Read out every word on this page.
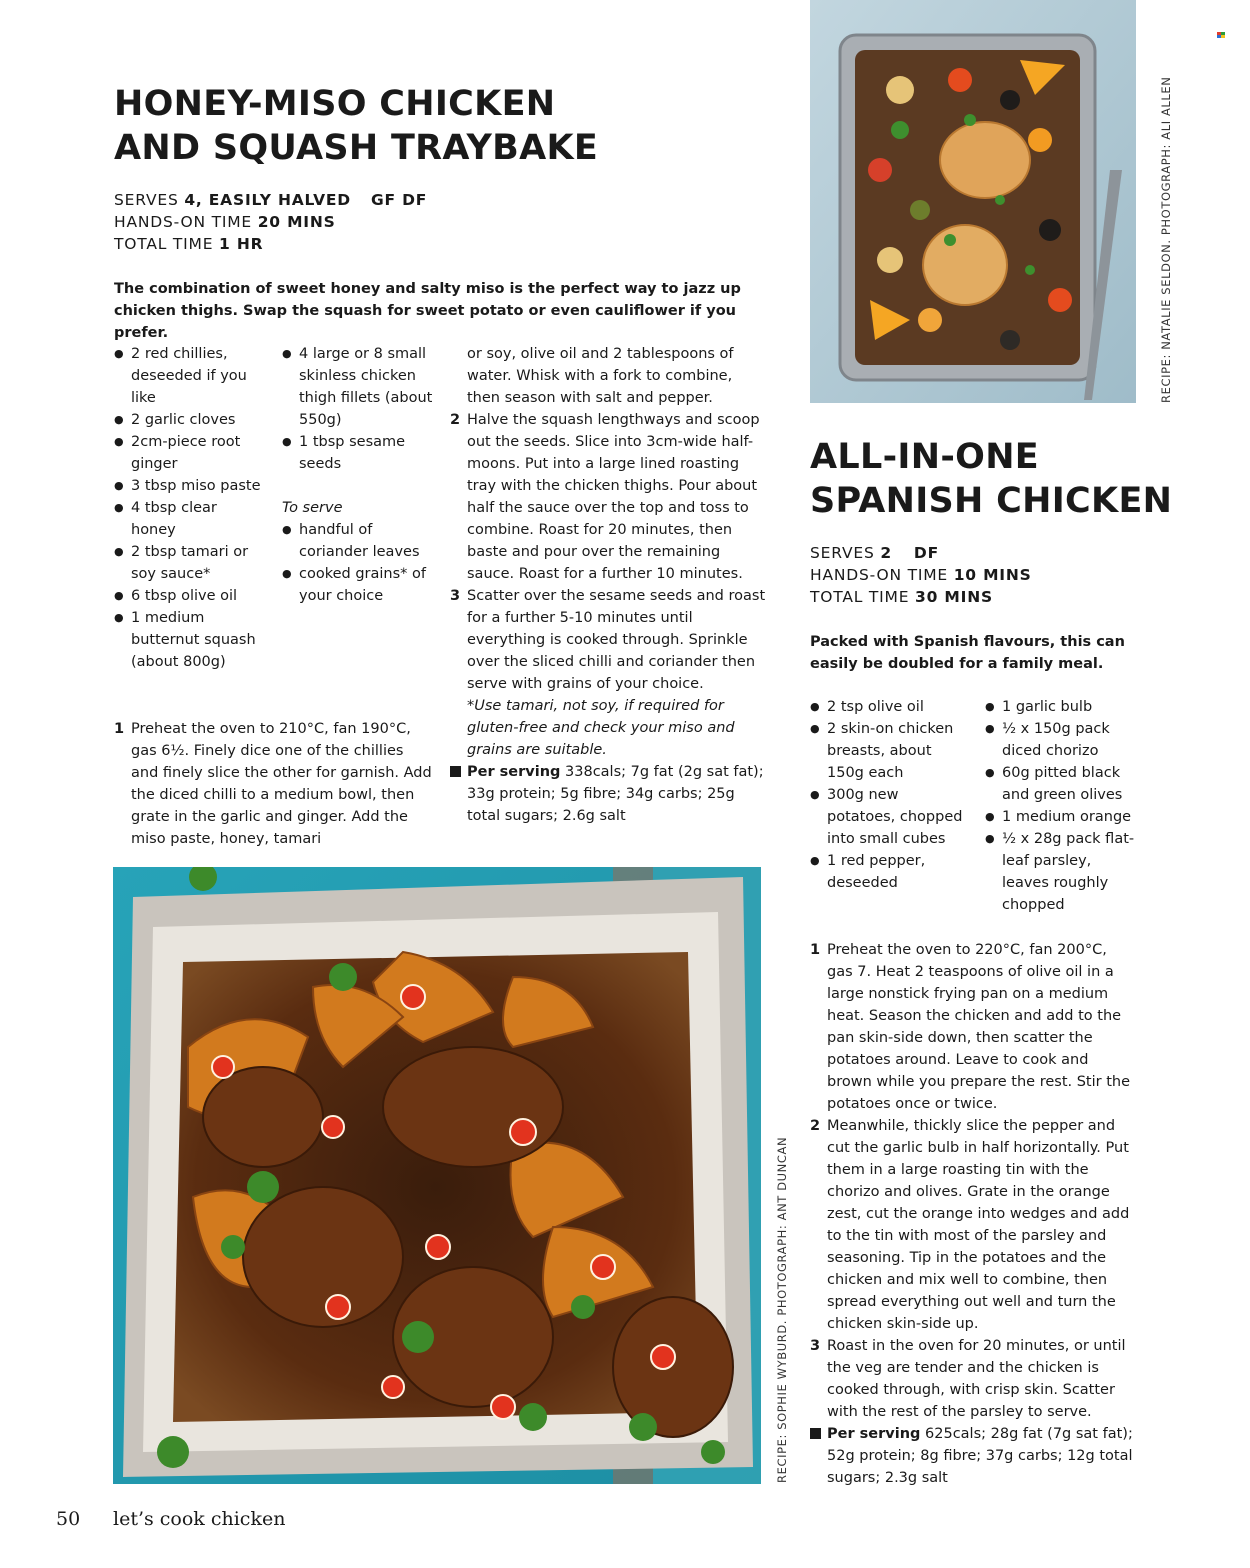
HONEY-MISO CHICKEN
AND SQUASH TRAYBAKE
SERVES 4, EASILY HALVED GF DF
HANDS-ON TIME 20 MINS
TOTAL TIME 1 HR
The combination of sweet honey and salty miso is the perfect way to jazz up
chicken thighs. Swap the squash for sweet potato or even cauliflower if you prefer.
● 2 red chillies, deseeded if you like
● 2 garlic cloves
● 2cm-piece root ginger
● 3 tbsp miso paste
● 4 tbsp clear honey
● 2 tbsp tamari or soy sauce*
● 6 tbsp olive oil
● 1 medium butternut squash (about 800g)
● 4 large or 8 small skinless chicken thigh fillets (about 550g)
● 1 tbsp sesame seeds
To serve
● handful of coriander leaves
● cooked grains* of your choice
1 Preheat the oven to 210°C, fan 190°C, gas 6½. Finely dice one of the chillies and finely slice the other for garnish. Add the diced chilli to a medium bowl, then grate in the garlic and ginger. Add the miso paste, honey, tamari
or soy, olive oil and 2 tablespoons of water. Whisk with a fork to combine, then season with salt and pepper.
2 Halve the squash lengthways and scoop out the seeds. Slice into 3cm-wide half-moons. Put into a large lined roasting tray with the chicken thighs. Pour about half the sauce over the top and toss to combine. Roast for 20 minutes, then baste and pour over the remaining sauce. Roast for a further 10 minutes.
3 Scatter over the sesame seeds and roast for a further 5-10 minutes until everything is cooked through. Sprinkle over the sliced chilli and coriander then serve with grains of your choice.
*Use tamari, not soy, if required for gluten-free and check your miso and grains are suitable.
Per serving 338cals; 7g fat (2g sat fat); 33g protein; 5g fibre; 34g carbs; 25g total sugars; 2.6g salt
RECIPE: SOPHIE WYBURD. PHOTOGRAPH: ANT DUNCAN
RECIPE: NATALIE SELDON. PHOTOGRAPH: ALI ALLEN
ALL-IN-ONE
SPANISH CHICKEN
SERVES 2 DF
HANDS-ON TIME 10 MINS
TOTAL TIME 30 MINS
Packed with Spanish flavours, this can
easily be doubled for a family meal.
● 2 tsp olive oil
● 2 skin-on chicken breasts, about 150g each
● 300g new potatoes, chopped into small cubes
● 1 red pepper, deseeded
● 1 garlic bulb
● ½ x 150g pack diced chorizo
● 60g pitted black and green olives
● 1 medium orange
● ½ x 28g pack flat-leaf parsley, leaves roughly chopped
1 Preheat the oven to 220°C, fan 200°C, gas 7. Heat 2 teaspoons of olive oil in a large nonstick frying pan on a medium heat. Season the chicken and add to the pan skin-side down, then scatter the potatoes around. Leave to cook and brown while you prepare the rest. Stir the potatoes once or twice.
2 Meanwhile, thickly slice the pepper and cut the garlic bulb in half horizontally. Put them in a large roasting tin with the chorizo and olives. Grate in the orange zest, cut the orange into wedges and add to the tin with most of the parsley and seasoning. Tip in the potatoes and the chicken and mix well to combine, then spread everything out well and turn the chicken skin-side up.
3 Roast in the oven for 20 minutes, or until the veg are tender and the chicken is cooked through, with crisp skin. Scatter with the rest of the parsley to serve.
Per serving 625cals; 28g fat (7g sat fat); 52g protein; 8g fibre; 37g carbs; 12g total sugars; 2.3g salt
50 let’s cook chicken
